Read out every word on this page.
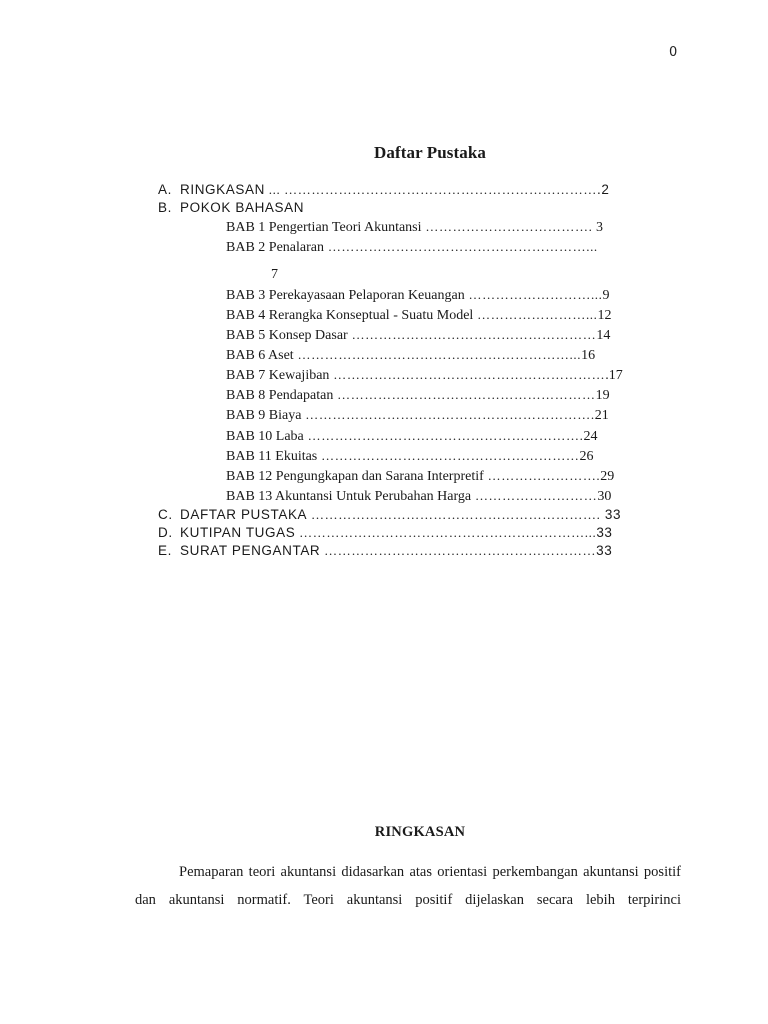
0
Daftar Pustaka
A. RINGKASAN ... …………………………………………………………….2
B. POKOK BAHASAN
BAB 1 Pengertian Teori Akuntansi ………………………………. 3
BAB 2 Penalaran …………………………………………………...
7
BAB 3 Perekayasaan Pelaporan Keuangan ………………………...9
BAB 4 Rerangka Konseptual - Suatu Model ……………………...12
BAB 5 Konsep Dasar ………………………………………………14
BAB 6 Aset ……………………………………………………...16
BAB 7 Kewajiban …………………………………………………….17
BAB 8 Pendapatan …………………………………………………19
BAB 9 Biaya ……………………………………………………….21
BAB 10 Laba …………………………………………………….24
BAB 11 Ekuitas …………………………………………………26
BAB 12 Pengungkapan dan Sarana Interpretif …………………….29
BAB 13 Akuntansi Untuk Perubahan Harga ………………………30
C. DAFTAR PUSTAKA ………………………………………………………. 33
D. KUTIPAN TUGAS ………………………………………………………...33
E. SURAT PENGANTAR ……………………………………………………33
RINGKASAN
Pemaparan teori akuntansi didasarkan atas orientasi perkembangan akuntansi positif dan akuntansi normatif. Teori akuntansi positif dijelaskan secara lebih terpirinci
